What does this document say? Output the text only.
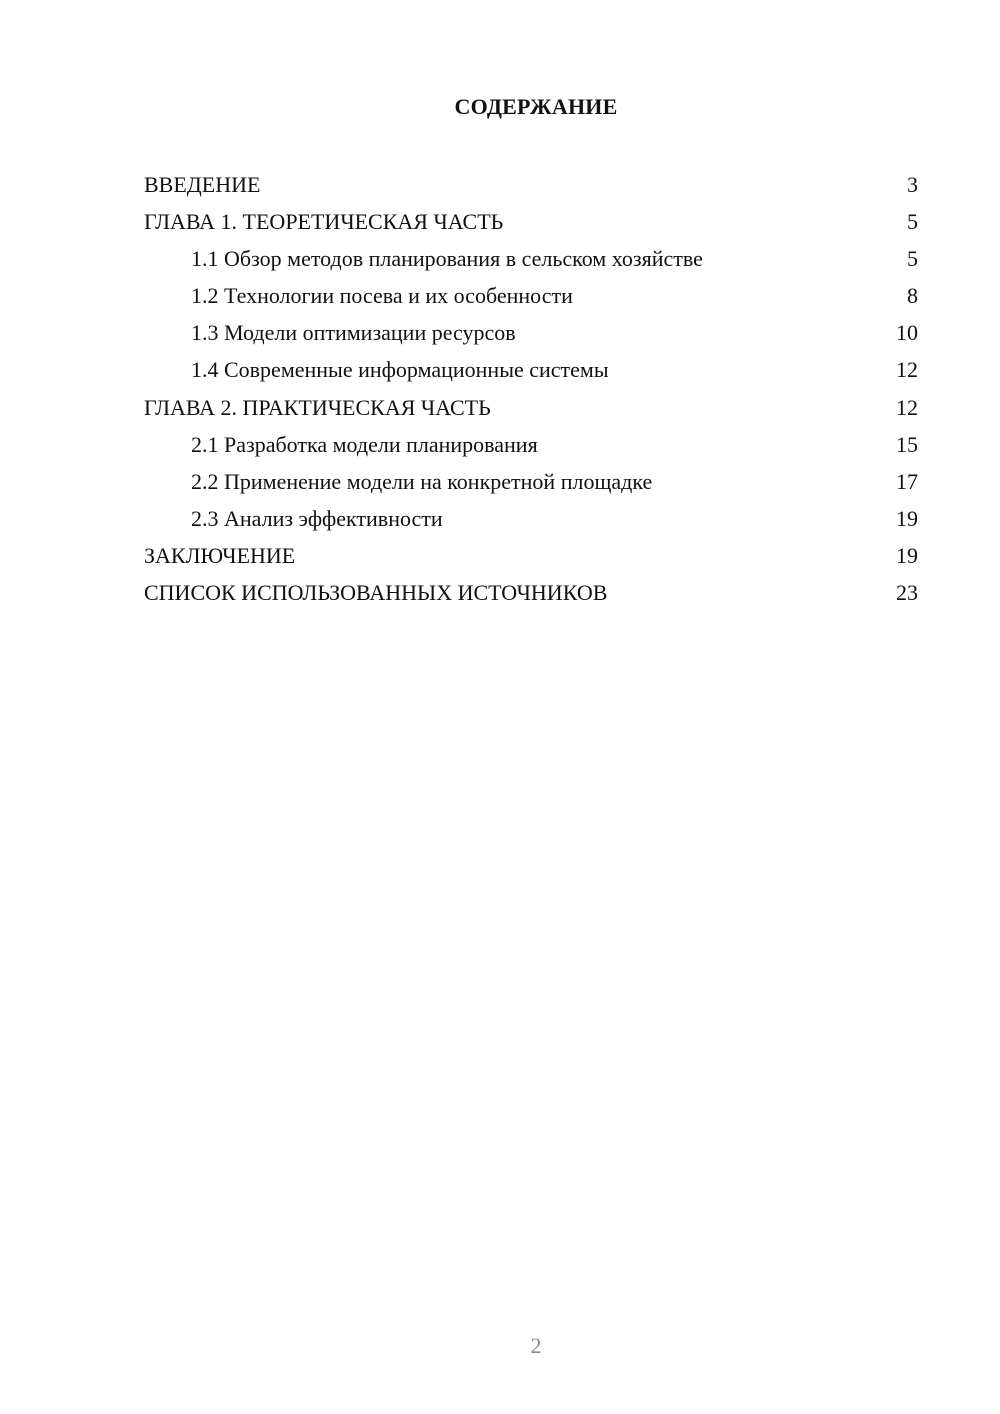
СОДЕРЖАНИЕ
ВВЕДЕНИЕ	3
ГЛАВА 1. ТЕОРЕТИЧЕСКАЯ ЧАСТЬ	5
1.1 Обзор методов планирования в сельском хозяйстве	5
1.2 Технологии посева и их особенности	8
1.3 Модели оптимизации ресурсов	10
1.4 Современные информационные системы	12
ГЛАВА 2. ПРАКТИЧЕСКАЯ ЧАСТЬ	12
2.1 Разработка модели планирования	15
2.2 Применение модели на конкретной площадке	17
2.3 Анализ эффективности	19
ЗАКЛЮЧЕНИЕ	19
СПИСОК ИСПОЛЬЗОВАННЫХ ИСТОЧНИКОВ	23
2
